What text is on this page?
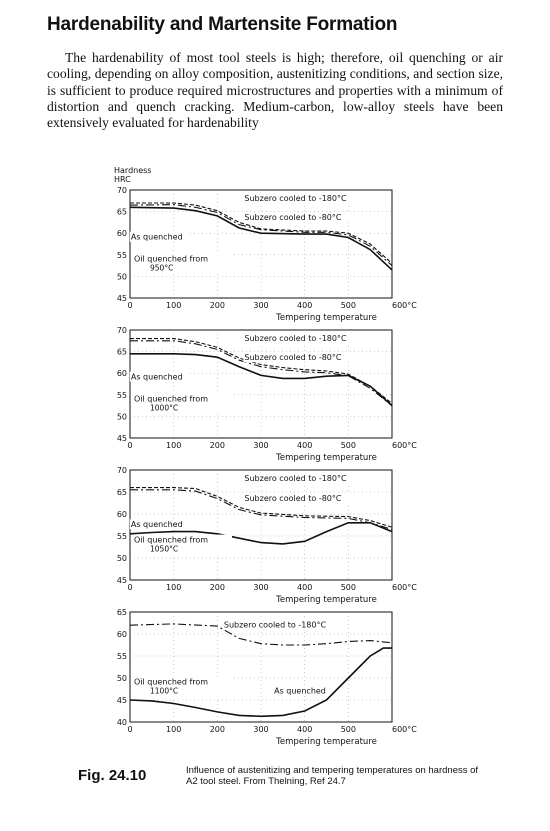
Hardenability and Martensite Formation

The hardenability of most tool steels is high; therefore, oil quenching or air cooling, depending on alloy composition, austenitizing conditions, and section size, is sufficient to produce required microstructures and properties with a minimum of distortion and quench cracking. Medium-carbon, low-alloy steels have been extensively evaluated for hardenability

45
50
55
60
65
70
0	100	200	300	400	500	600°C
Tempering temperature
Hardness
HRC
Subzero cooled to -180°C
Subzero cooled to -80°C
As quenched
Oil quenched from
950°C
45
50
55
60
65
70
0	100	200	300	400	500	600°C
Tempering temperature
Subzero cooled to -180°C
Subzero cooled to -80°C
As quenched
Oil quenched from
1000°C
45
50
55
60
65
70
0	100	200	300	400	500	600°C
Tempering temperature
Subzero cooled to -180°C
Subzero cooled to -80°C
As quenched
Oil quenched from
1050°C
40
45
50
55
60
65
0	100	200	300	400	500	600°C
Tempering temperature
Subzero cooled to -180°C
As quenched
Oil quenched from
1100°C
Fig. 24.10	Influence of austenitizing and tempering temperatures on hardness of A2 tool steel. From Thelning, Ref 24.7
